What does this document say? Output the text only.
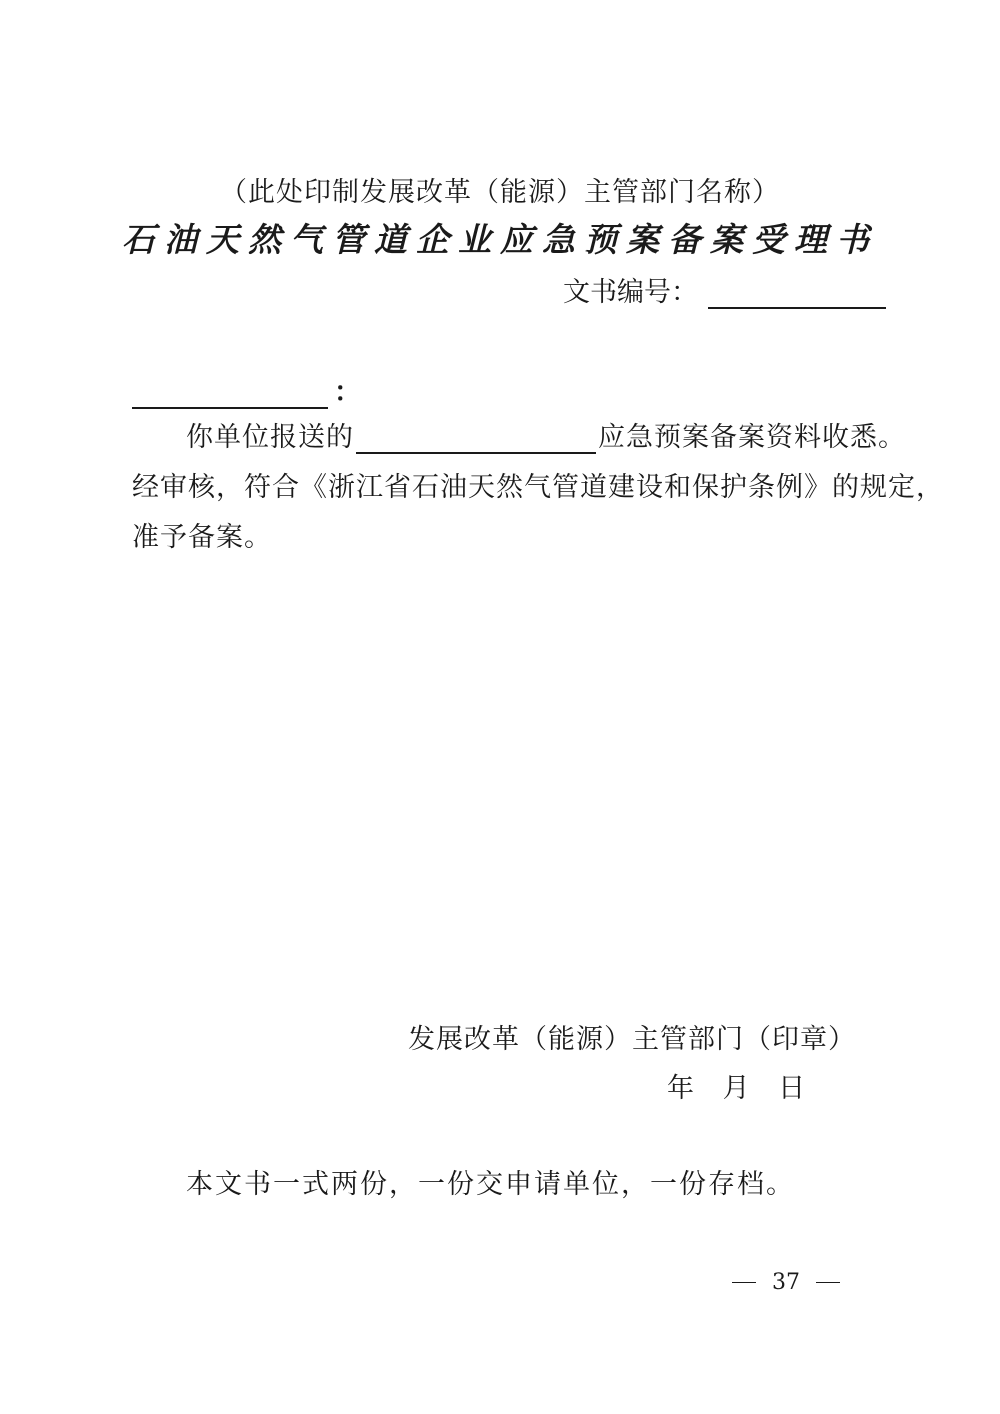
（此处印制发展改革（能源）主管部门名称）
石油天然气管道企业应急预案备案受理书
文书编号：
：
你单位报送的	应急预案备案资料收悉。
经审核，符合《浙江省石油天然气管道建设和保护条例》的规定，
准予备案。
发展改革（能源）主管部门（印章）
年 月 日
本文书一式两份，一份交申请单位，一份存档。
37
